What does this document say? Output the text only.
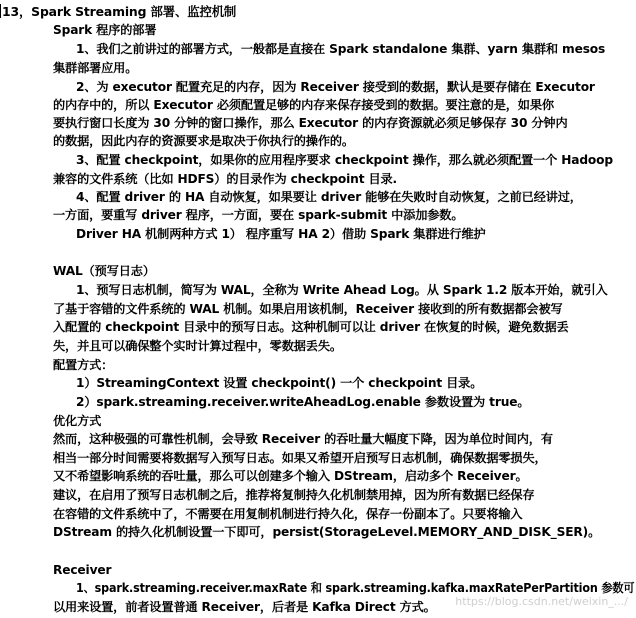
13，Spark Streaming 部署、监控机制
Spark 程序的部署
1、我们之前讲过的部署方式，一般都是直接在 Spark standalone 集群、yarn 集群和 mesos
集群部署应用。
2、为 executor 配置充足的内存，因为 Receiver 接受到的数据，默认是要存储在 Executor
的内存中的，所以 Executor 必须配置足够的内存来保存接受到的数据。要注意的是，如果你
要执行窗口长度为 30 分钟的窗口操作，那么 Executor 的内存资源就必须足够保存 30 分钟内
的数据，因此内存的资源要求是取决于你执行的操作的。
3、配置 checkpoint，如果你的应用程序要求 checkpoint 操作，那么就必须配置一个 Hadoop
兼容的文件系统（比如 HDFS）的目录作为 checkpoint 目录.
4、配置 driver 的 HA 自动恢复，如果要让 driver 能够在失败时自动恢复，之前已经讲过，
一方面，要重写 driver 程序，一方面，要在 spark-submit 中添加参数。
Driver HA 机制两种方式 1） 程序重写 HA 2）借助 Spark 集群进行维护
WAL（预写日志）
1、预写日志机制，简写为 WAL，全称为 Write Ahead Log。从 Spark 1.2 版本开始，就引入
了基于容错的文件系统的 WAL 机制。如果启用该机制，Receiver 接收到的所有数据都会被写
入配置的 checkpoint 目录中的预写日志。这种机制可以让 driver 在恢复的时候，避免数据丢
失，并且可以确保整个实时计算过程中，零数据丢失。
配置方式：
1）StreamingContext 设置 checkpoint() 一个 checkpoint 目录。
2）spark.streaming.receiver.writeAheadLog.enable 参数设置为 true。
优化方式
然而，这种极强的可靠性机制，会导致 Receiver 的吞吐量大幅度下降，因为单位时间内，有
相当一部分时间需要将数据写入预写日志。如果又希望开启预写日志机制，确保数据零损失，
又不希望影响系统的吞吐量，那么可以创建多个输入 DStream，启动多个 Receiver。
建议，在启用了预写日志机制之后，推荐将复制持久化机制禁用掉，因为所有数据已经保存
在容错的文件系统中了，不需要在用复制机制进行持久化，保存一份副本了。只要将输入
DStream 的持久化机制设置一下即可，persist(StorageLevel.MEMORY_AND_DISK_SER)。
Receiver
1、spark.streaming.receiver.maxRate 和 spark.streaming.kafka.maxRatePerPartition 参数可
以用来设置，前者设置普通 Receiver，后者是 Kafka Direct 方式。 https://blog.csdn.net/weixin_.../
